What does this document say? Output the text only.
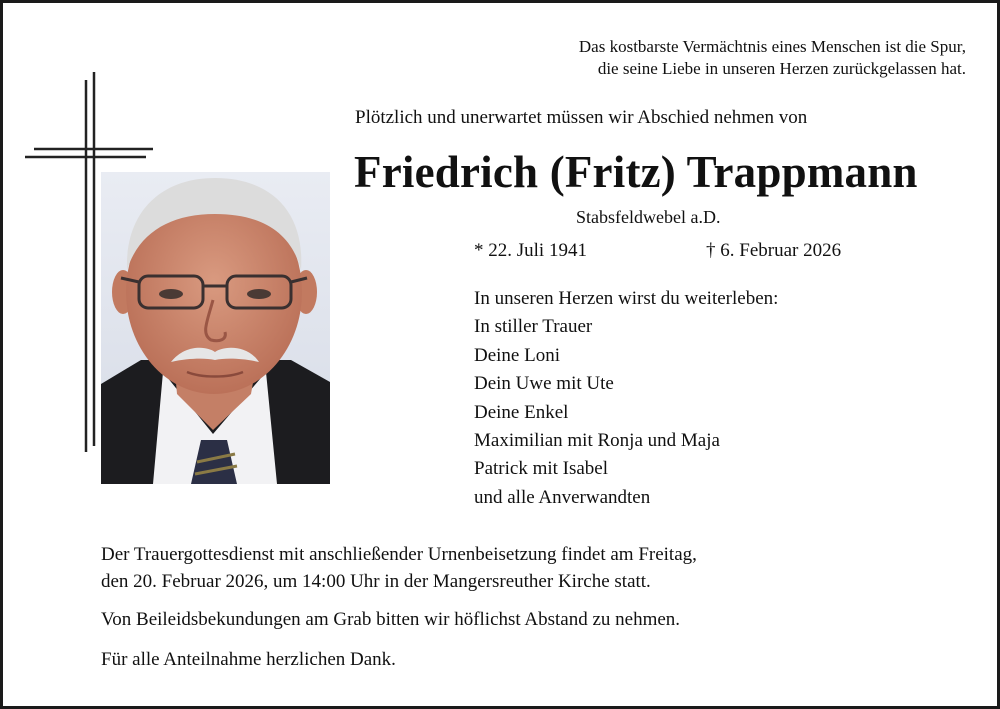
Das kostbarste Vermächtnis eines Menschen ist die Spur,
die seine Liebe in unseren Herzen zurückgelassen hat.
Plötzlich und unerwartet müssen wir Abschied nehmen von
Friedrich (Fritz) Trappmann
Stabsfeldwebel a.D.
* 22. Juli 1941	† 6. Februar 2026
In unseren Herzen wirst du weiterleben:
In stiller Trauer
Deine Loni
Dein Uwe mit Ute
Deine Enkel
Maximilian mit Ronja und Maja
Patrick mit Isabel
und alle Anverwandten
Der Trauergottesdienst mit anschließender Urnenbeisetzung findet am Freitag,
den 20. Februar 2026, um 14:00 Uhr in der Mangersreuther Kirche statt.
Von Beileidsbekundungen am Grab bitten wir höflichst Abstand zu nehmen.
Für alle Anteilnahme herzlichen Dank.
